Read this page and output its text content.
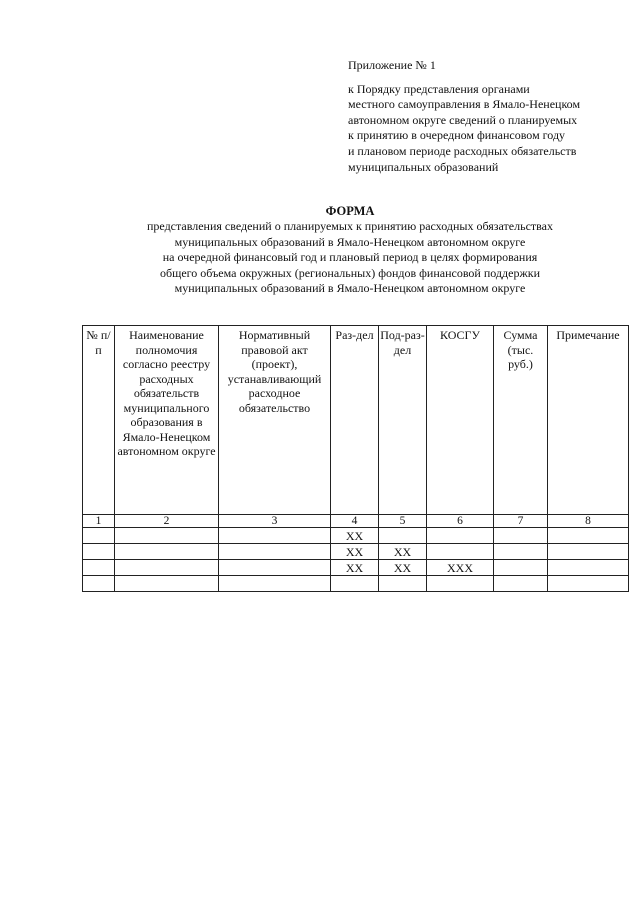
Приложение № 1
к Порядку представления органами
местного самоуправления в Ямало-Ненецком
автономном округе сведений о планируемых
к принятию в очередном финансовом году
и плановом периоде расходных обязательств
муниципальных образований
ФОРМА
представления сведений о планируемых к принятию расходных обязательствах
муниципальных образований в Ямало-Ненецком автономном округе
на очередной финансовый год и плановый период в целях формирования
общего объема окружных (региональных) фондов финансовой поддержки
муниципальных образований в Ямало-Ненецком автономном округе
№ п/п	Наименование полномочия согласно реестру расходных обязательств муниципального образования в Ямало-Ненецком автономном округе	Нормативный правовой акт (проект), устанавливающий расходное обязательство	Раз-дел	Под-раз-дел	КОСГУ	Сумма (тыс. руб.)	Примечание
1	2	3	4	5	6	7	8
			XX				
			XX	XX			
			XX	XX	XXX		
